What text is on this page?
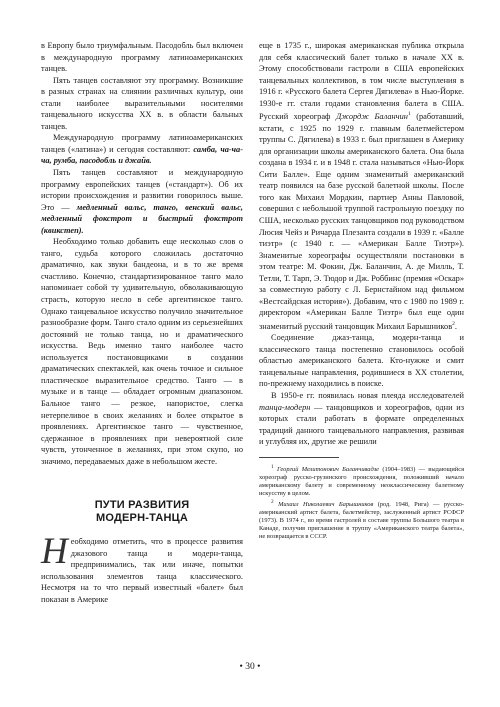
в Европу было триумфальным. Пасодобль был включен в международную программу латиноамериканских танцев.

Пять танцев составляют эту программу. Возникшие в разных странах на слиянии различных культур, они стали наиболее выразительными носителями танцевального искусства XX в. в области бальных танцев.

Международную программу латиноамериканских танцев («латина») и сегодня составляют: самба, ча-ча-ча, румба, пасодобль и джайв.

Пять танцев составляют и международную программу европейских танцев («стандарт»). Об их истории происхождения и развитии говорилось выше. Это — медленный вальс, танго, венский вальс, медленный фокстрот и быстрый фокстрот (квикстеп).

Необходимо только добавить еще несколько слов о танго, судьба которого сложилась достаточно драматично, как звуки бандеона, и в то же время счастливо. Конечно, стандартизированное танго мало напоминает собой ту удивительную, обволакивающую страсть, которую несло в себе аргентинское танго. Однако танцевальное искусство получило значительное разнообразие форм. Танго стало одним из серьезнейших достояний не только танца, но и драматического искусства. Ведь именно танго наиболее часто используется постановщиками в создании драматических спектаклей, как очень точное и сильное пластическое выразительное средство. Танго — в музыке и в танце — обладает огромным диапазоном. Бальное танго — резкое, напористое, слегка нетерпеливое в своих желаниях и более открытое в проявлениях. Аргентинское танго — чувственное, сдержанное в проявлениях при невероятной силе чувств, утонченное в желаниях, при этом скупо, но значимо, передаваемых даже в небольшом жесте.

ПУТИ РАЗВИТИЯ
МОДЕРН-ТАНЦА

Необходимо отметить, что в процессе развития джазового танца и модерн-танца, предпринимались, так или иначе, попытки использования элементов танца классического. Несмотря на то что первый известный «балет» был показан в Америке

еще в 1735 г., широкая американская публика открыла для себя классический балет только в начале XX в. Этому способствовали гастроли в США европейских танцевальных коллективов, в том числе выступления в 1916 г. «Русского балета Сергея Дягилева» в Нью-Йорке. 1930-е гг. стали годами становления балета в США. Русский хореограф Джордж Баланчин$^1$ (работавший, кстати, с 1925 по 1929 г. главным балетмейстером труппы С. Дягилева) в 1933 г. был приглашен в Америку для организации школы американского балета. Она была создана в 1934 г. и в 1948 г. стала называться «Нью-Йорк Сити Балле». Еще одним знаменитый американский театр появился на базе русской балетной школы. После того как Михаил Мордкин, партнер Анны Павловой, совершил с небольшой труппой гастрольную поездку по США, несколько русских танцовщиков под руководством Люсия Чейз и Ричарда Плезанта создали в 1939 г. «Балле тиэтр» (с 1940 г. — «Американ Балле Тиэтр»). Знаменитые хореографы осуществляли постановки в этом театре: М. Фокин, Дж. Баланчин, А. де Милль, Т. Тетли, Т. Тарп, Э. Тюдор и Дж. Роббинс (премия «Оскар» за совместную работу с Л. Бернстайном над фильмом «Вестсайдская история»). Добавим, что с 1980 по 1989 г. директором «Американ Балле Тиэтр» был еще один знаменитый русский танцовщик Михаил Барышников$^2$.

Соединение джаз-танца, модерн-танца и классического танца постепенно становилось особой областью американского балета. Кто-нужже и смит танцевальные направления, родившиеся в XX столетии, по-прежнему находились в поиске.

В 1950-е гг. появилась новая плеяда исследователей танца-модерн — танцовщиков и хореографов, одни из которых стали работать в формате определенных традиций данного танцевального направления, развивая и углубляя их, другие же решили

$^1$ Георгий Мелитонович Баланчивадзе (1904–1983) — выдающийся хореограф русско-грузинского происхождения, положивший начало американскому балету и современному неоклассическому балетному искусству в целом.

$^2$ Михаил Николаевич Барышников (род. 1948, Рига) — русско-американский артист балета, балетмейстер, заслуженный артист РСФСР (1973). В 1974 г., во время гастролей в составе труппы Большого театра в Канаде, получив приглашение в труппу «Американского театра балета», не возвращается в СССР.

• 30 •
